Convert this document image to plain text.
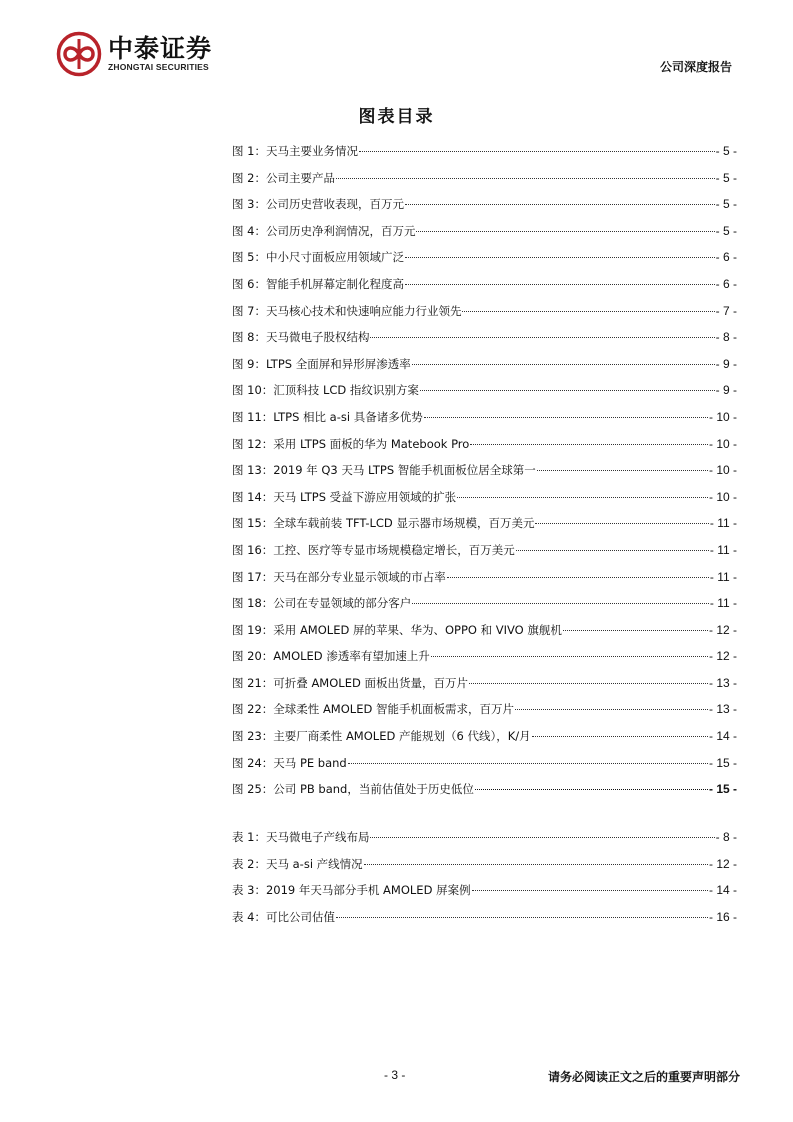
中泰证券
ZHONGTAI SECURITIES	公司深度报告
图表目录
图 1：天马主要业务情况	- 5 -
图 2：公司主要产品	- 5 -
图 3：公司历史营收表现，百万元	- 5 -
图 4：公司历史净利润情况，百万元	- 5 -
图 5：中小尺寸面板应用领域广泛	- 6 -
图 6：智能手机屏幕定制化程度高	- 6 -
图 7：天马核心技术和快速响应能力行业领先	- 7 -
图 8：天马微电子股权结构	- 8 -
图 9：LTPS 全面屏和异形屏渗透率	- 9 -
图 10：汇顶科技 LCD 指纹识别方案	- 9 -
图 11：LTPS 相比 a-si 具备诸多优势	- 10 -
图 12：采用 LTPS 面板的华为 Matebook Pro	- 10 -
图 13：2019 年 Q3 天马 LTPS 智能手机面板位居全球第一	- 10 -
图 14：天马 LTPS 受益下游应用领域的扩张	- 10 -
图 15：全球车载前装 TFT-LCD 显示器市场规模，百万美元	- 11 -
图 16：工控、医疗等专显市场规模稳定增长，百万美元	- 11 -
图 17：天马在部分专业显示领域的市占率	- 11 -
图 18：公司在专显领域的部分客户	- 11 -
图 19：采用 AMOLED 屏的苹果、华为、OPPO 和 VIVO 旗舰机	- 12 -
图 20：AMOLED 渗透率有望加速上升	- 12 -
图 21：可折叠 AMOLED 面板出货量，百万片	- 13 -
图 22：全球柔性 AMOLED 智能手机面板需求，百万片	- 13 -
图 23：主要厂商柔性 AMOLED 产能规划（6 代线），K/月	- 14 -
图 24：天马 PE band	- 15 -
图 25：公司 PB band，当前估值处于历史低位	- 15 -
表 1：天马微电子产线布局	- 8 -
表 2：天马 a-si 产线情况	- 12 -
表 3：2019 年天马部分手机 AMOLED 屏案例	- 14 -
表 4：可比公司估值	- 16 -
- 3 -	请务必阅读正文之后的重要声明部分
